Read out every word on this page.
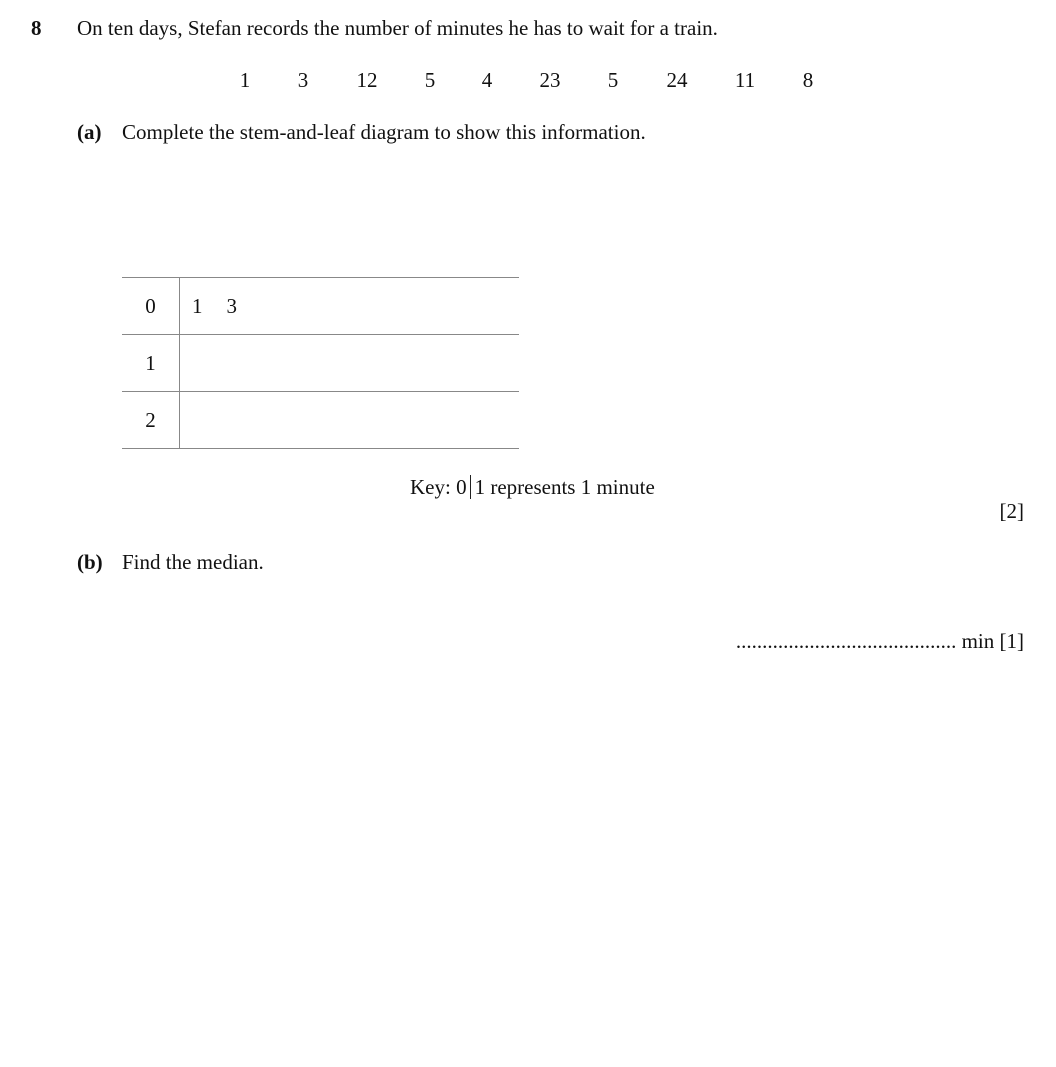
8 On ten days, Stefan records the number of minutes he has to wait for a train.
1 3 12 5 4 23 5 24 11 8
(a) Complete the stem-and-leaf diagram to show this information.
0	1 3
1	
2	
Key: 0 1 represents 1 minute
[2]
(b) Find the median.
.......................................... min [1]
